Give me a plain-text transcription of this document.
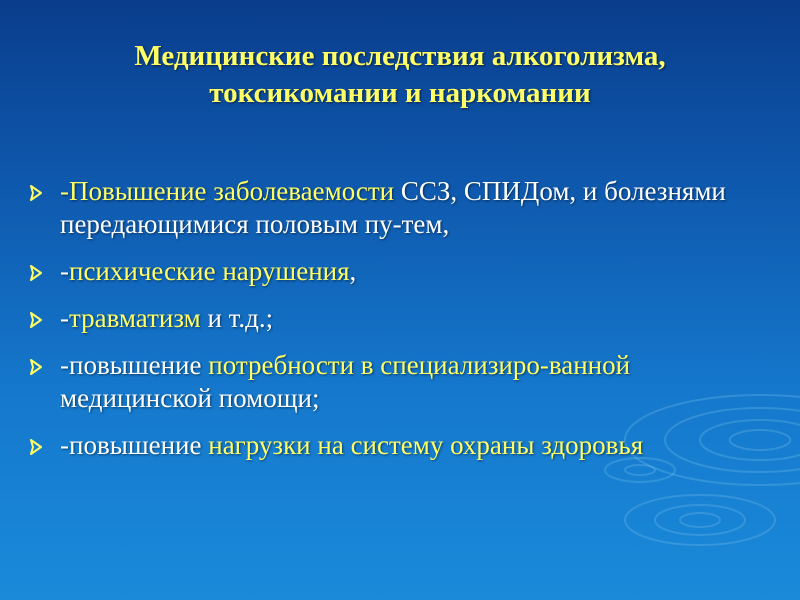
Медицинские последствия алкоголизма,
токсикомании и наркомании
-Повышение заболеваемости ССЗ, СПИДом, и болезнями передающимися половым пу-тем,
-психические нарушения,
-травматизм и т.д.;
-повышение потребности в специализиро-ванной медицинской помощи;
-повышение нагрузки на систему охраны здоровья
